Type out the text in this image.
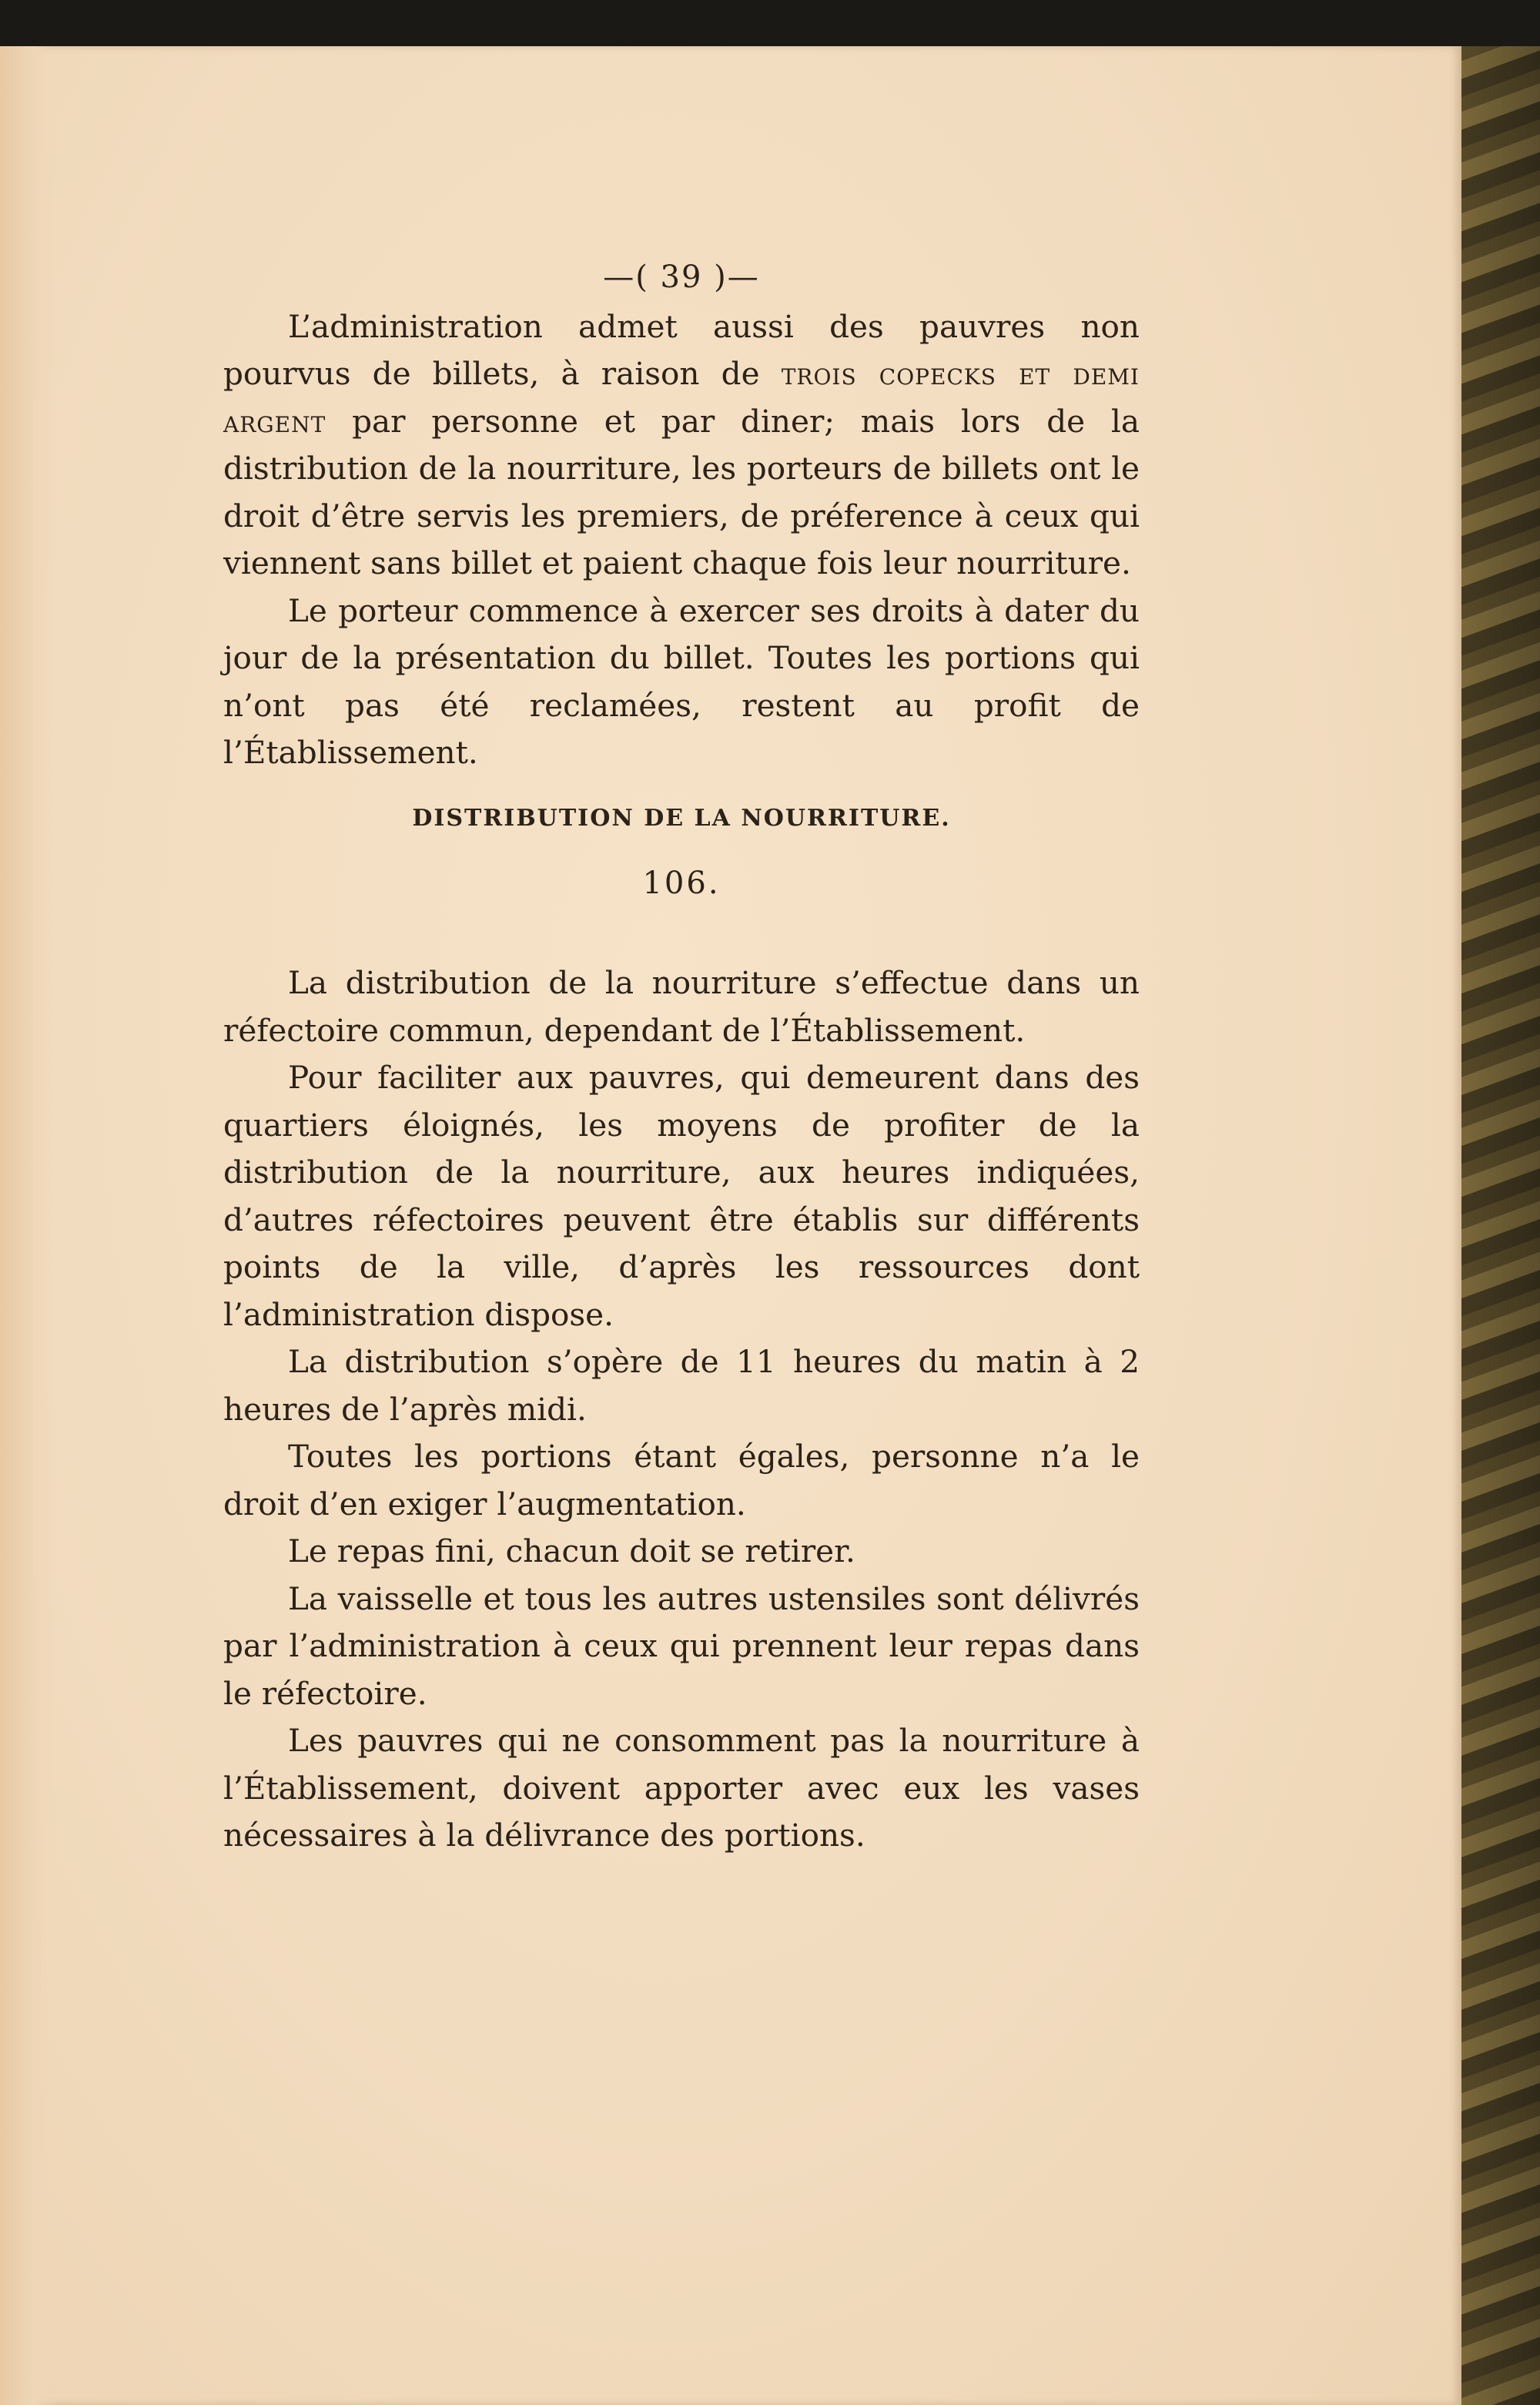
—( 39 )—

L’administration admet aussi des pauvres non pourvus de billets, à raison de trois copecks et demi argent par personne et par diner; mais lors de la distribution de la nourriture, les porteurs de billets ont le droit d’être servis les premiers, de préference à ceux qui viennent sans billet et paient chaque fois leur nourriture.

Le porteur commence à exercer ses droits à dater du jour de la présentation du billet. Toutes les portions qui n’ont pas été reclamées, restent au profit de l’Établissement.

DISTRIBUTION DE LA NOURRITURE.
106.

La distribution de la nourriture s’effectue dans un réfectoire commun, dependant de l’Établissement.

Pour faciliter aux pauvres, qui demeurent dans des quartiers éloignés, les moyens de profiter de la distribution de la nourriture, aux heures indiquées, d’autres réfectoires peuvent être établis sur différents points de la ville, d’après les ressources dont l’administration dispose.

La distribution s’opère de 11 heures du matin à 2 heures de l’après midi.

Toutes les portions étant égales, personne n’a le droit d’en exiger l’augmentation.

Le repas fini, chacun doit se retirer.

La vaisselle et tous les autres ustensiles sont délivrés par l’administration à ceux qui prennent leur repas dans le réfectoire.

Les pauvres qui ne consomment pas la nourriture à l’Établissement, doivent apporter avec eux les vases nécessaires à la délivrance des portions.
